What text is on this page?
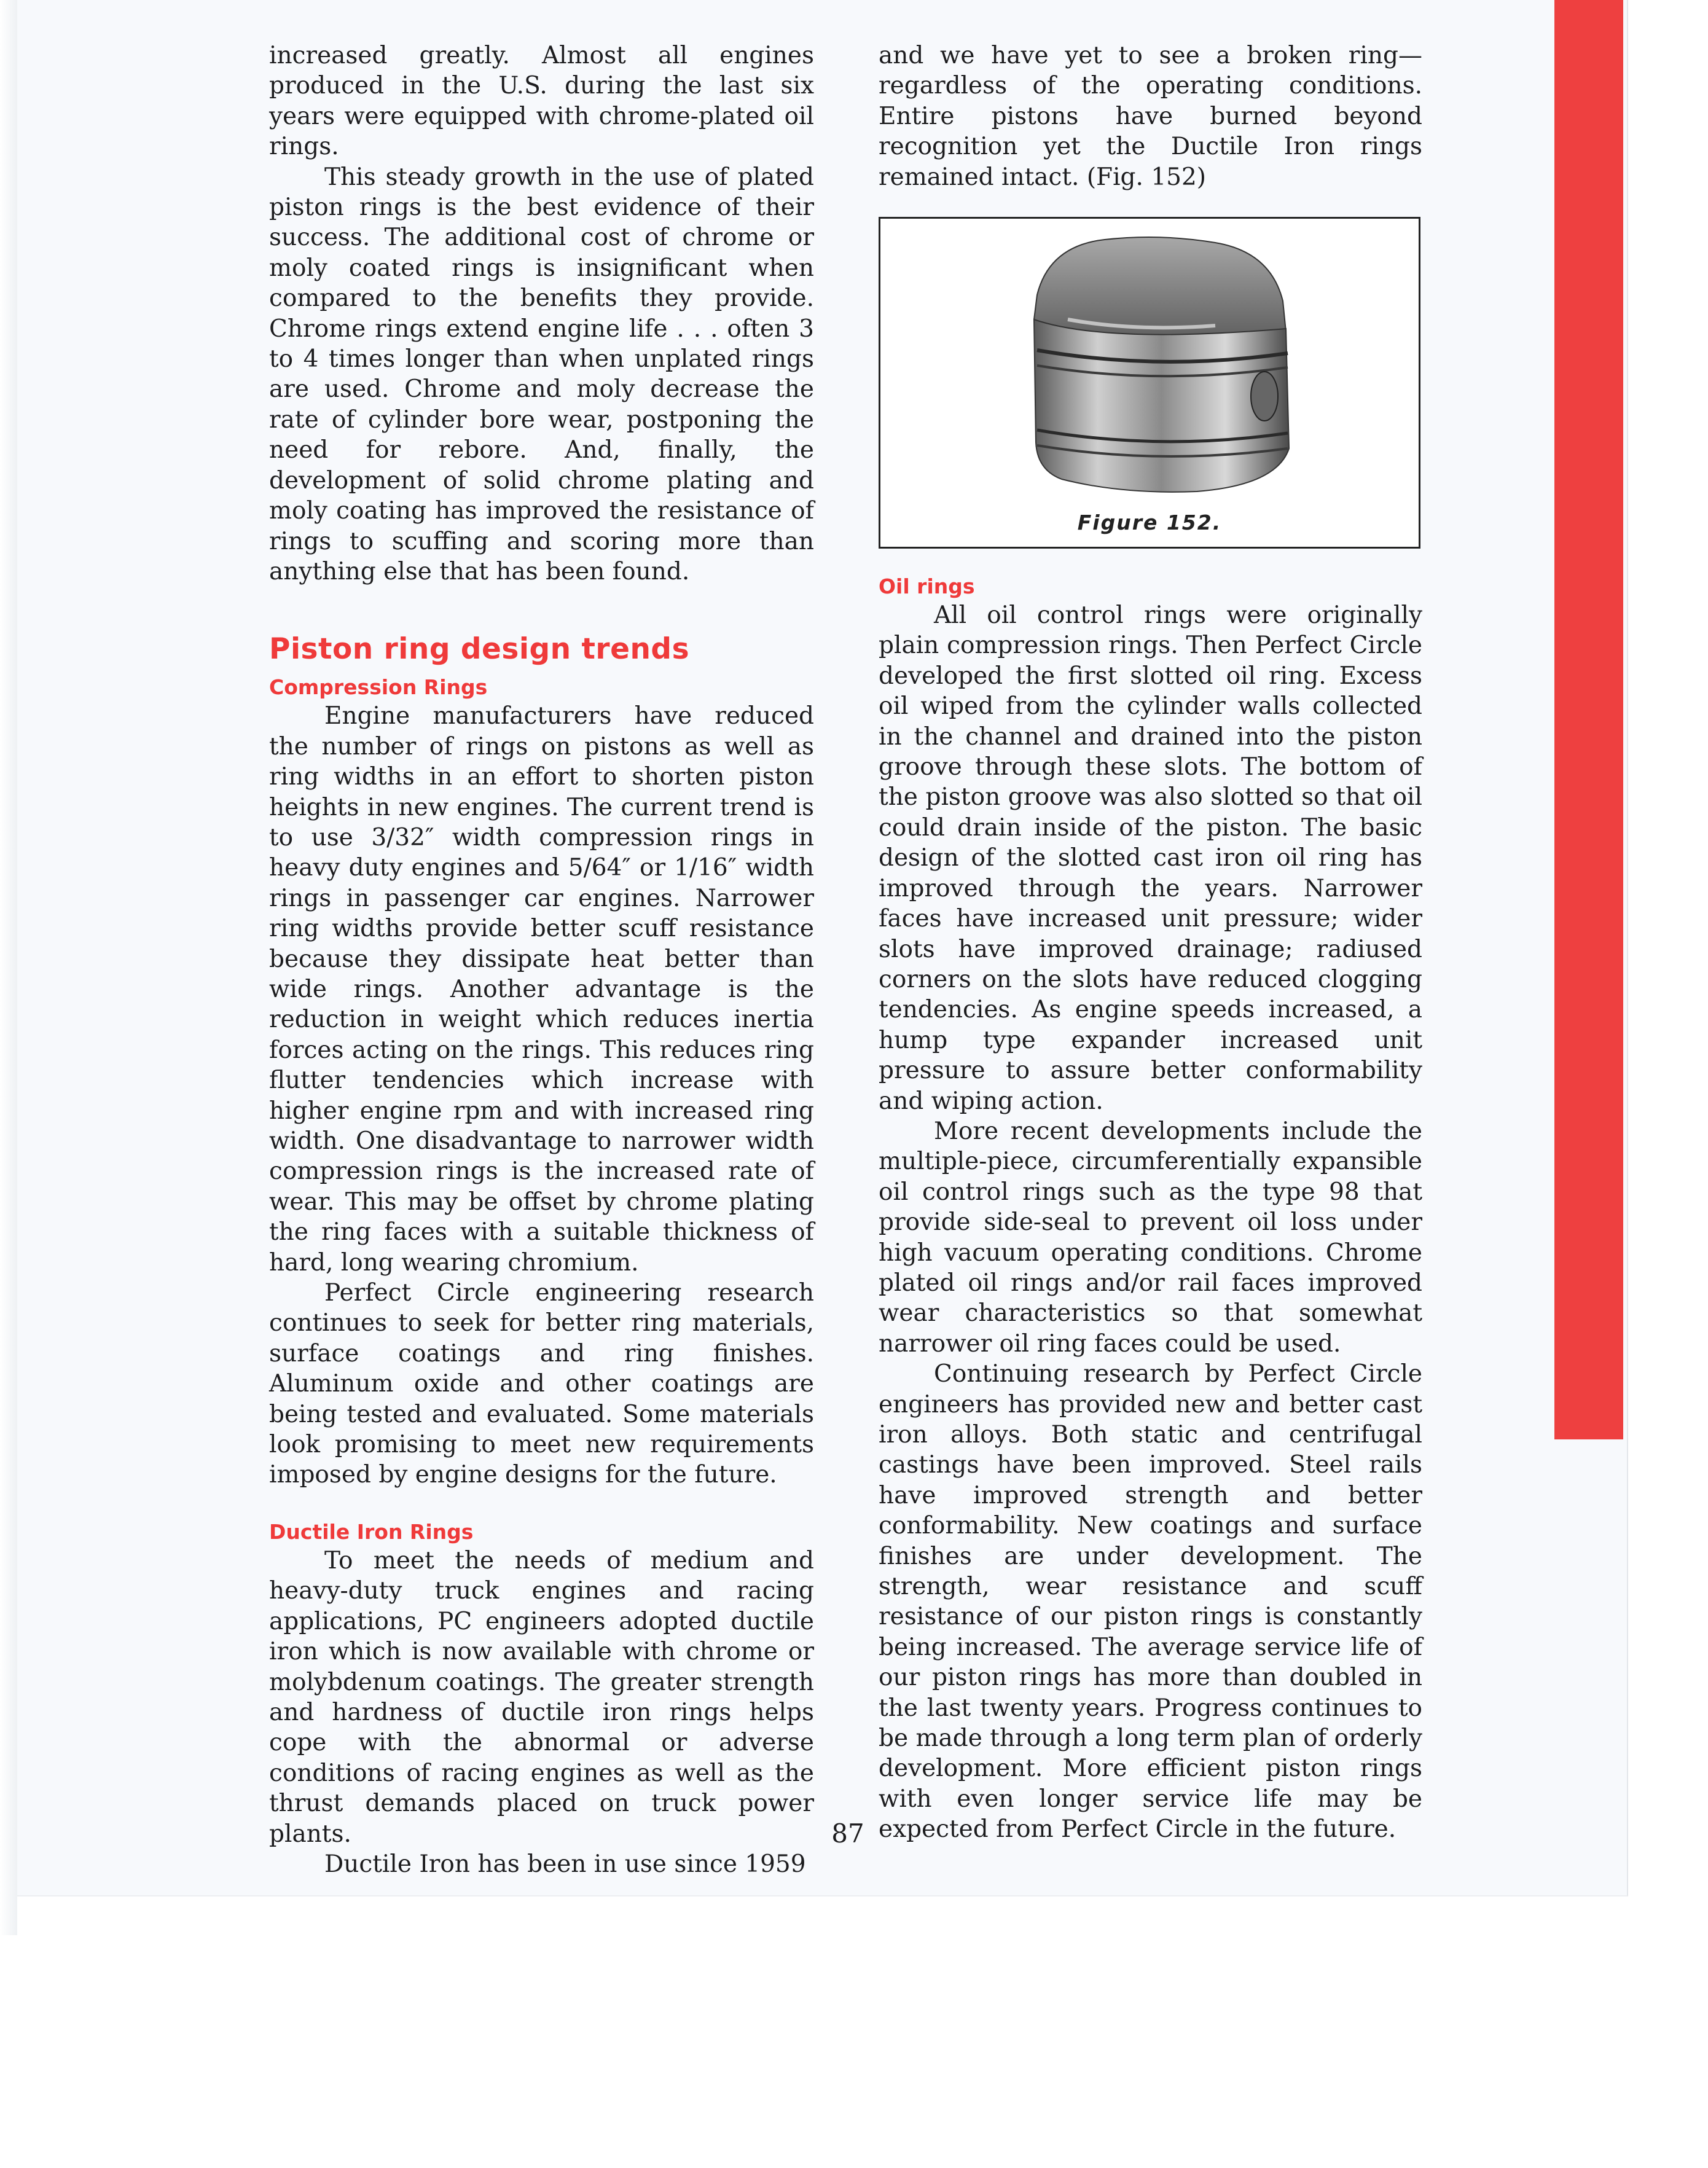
increased greatly. Almost all engines produced in the U.S. during the last six years were equipped with chrome-plated oil rings.

This steady growth in the use of plated piston rings is the best evidence of their success. The additional cost of chrome or moly coated rings is insignificant when compared to the benefits they provide. Chrome rings extend engine life . . . often 3 to 4 times longer than when unplated rings are used. Chrome and moly decrease the rate of cylinder bore wear, postponing the need for rebore. And, finally, the development of solid chrome plating and moly coating has improved the resistance of rings to scuffing and scoring more than anything else that has been found.

Piston ring design trends
Compression Rings

Engine manufacturers have reduced the number of rings on pistons as well as ring widths in an effort to shorten piston heights in new engines. The current trend is to use 3/32″ width compression rings in heavy duty engines and 5/64″ or 1/16″ width rings in passenger car engines. Narrower ring widths provide better scuff resistance because they dissipate heat better than wide rings. Another advantage is the reduction in weight which reduces inertia forces acting on the rings. This reduces ring flutter tendencies which increase with higher engine rpm and with increased ring width. One disadvantage to narrower width compression rings is the increased rate of wear. This may be offset by chrome plating the ring faces with a suitable thickness of hard, long wearing chromium.

Perfect Circle engineering research continues to seek for better ring materials, surface coatings and ring finishes. Aluminum oxide and other coatings are being tested and evaluated. Some materials look promising to meet new requirements imposed by engine designs for the future.

Ductile Iron Rings

To meet the needs of medium and heavy-duty truck engines and racing applications, PC engineers adopted ductile iron which is now available with chrome or molybdenum coatings. The greater strength and hardness of ductile iron rings helps cope with the abnormal or adverse conditions of racing engines as well as the thrust demands placed on truck power plants.

Ductile Iron has been in use since 1959

and we have yet to see a broken ring—regardless of the operating conditions. Entire pistons have burned beyond recognition yet the Ductile Iron rings remained intact. (Fig. 152)

Figure 152.
Oil rings

All oil control rings were originally plain compression rings. Then Perfect Circle developed the first slotted oil ring. Excess oil wiped from the cylinder walls collected in the channel and drained into the piston groove through these slots. The bottom of the piston groove was also slotted so that oil could drain inside of the piston. The basic design of the slotted cast iron oil ring has improved through the years. Narrower faces have increased unit pressure; wider slots have improved drainage; radiused corners on the slots have reduced clogging tendencies. As engine speeds increased, a hump type expander increased unit pressure to assure better conformability and wiping action.

More recent developments include the multiple-piece, circumferentially expansible oil control rings such as the type 98 that provide side-seal to prevent oil loss under high vacuum operating conditions. Chrome plated oil rings and/or rail faces improved wear characteristics so that somewhat narrower oil ring faces could be used.

Continuing research by Perfect Circle engineers has provided new and better cast iron alloys. Both static and centrifugal castings have been improved. Steel rails have improved strength and better conformability. New coatings and surface finishes are under development. The strength, wear resistance and scuff resistance of our piston rings is constantly being increased. The average service life of our piston rings has more than doubled in the last twenty years. Progress continues to be made through a long term plan of orderly development. More efficient piston rings with even longer service life may be expected from Perfect Circle in the future.

87
